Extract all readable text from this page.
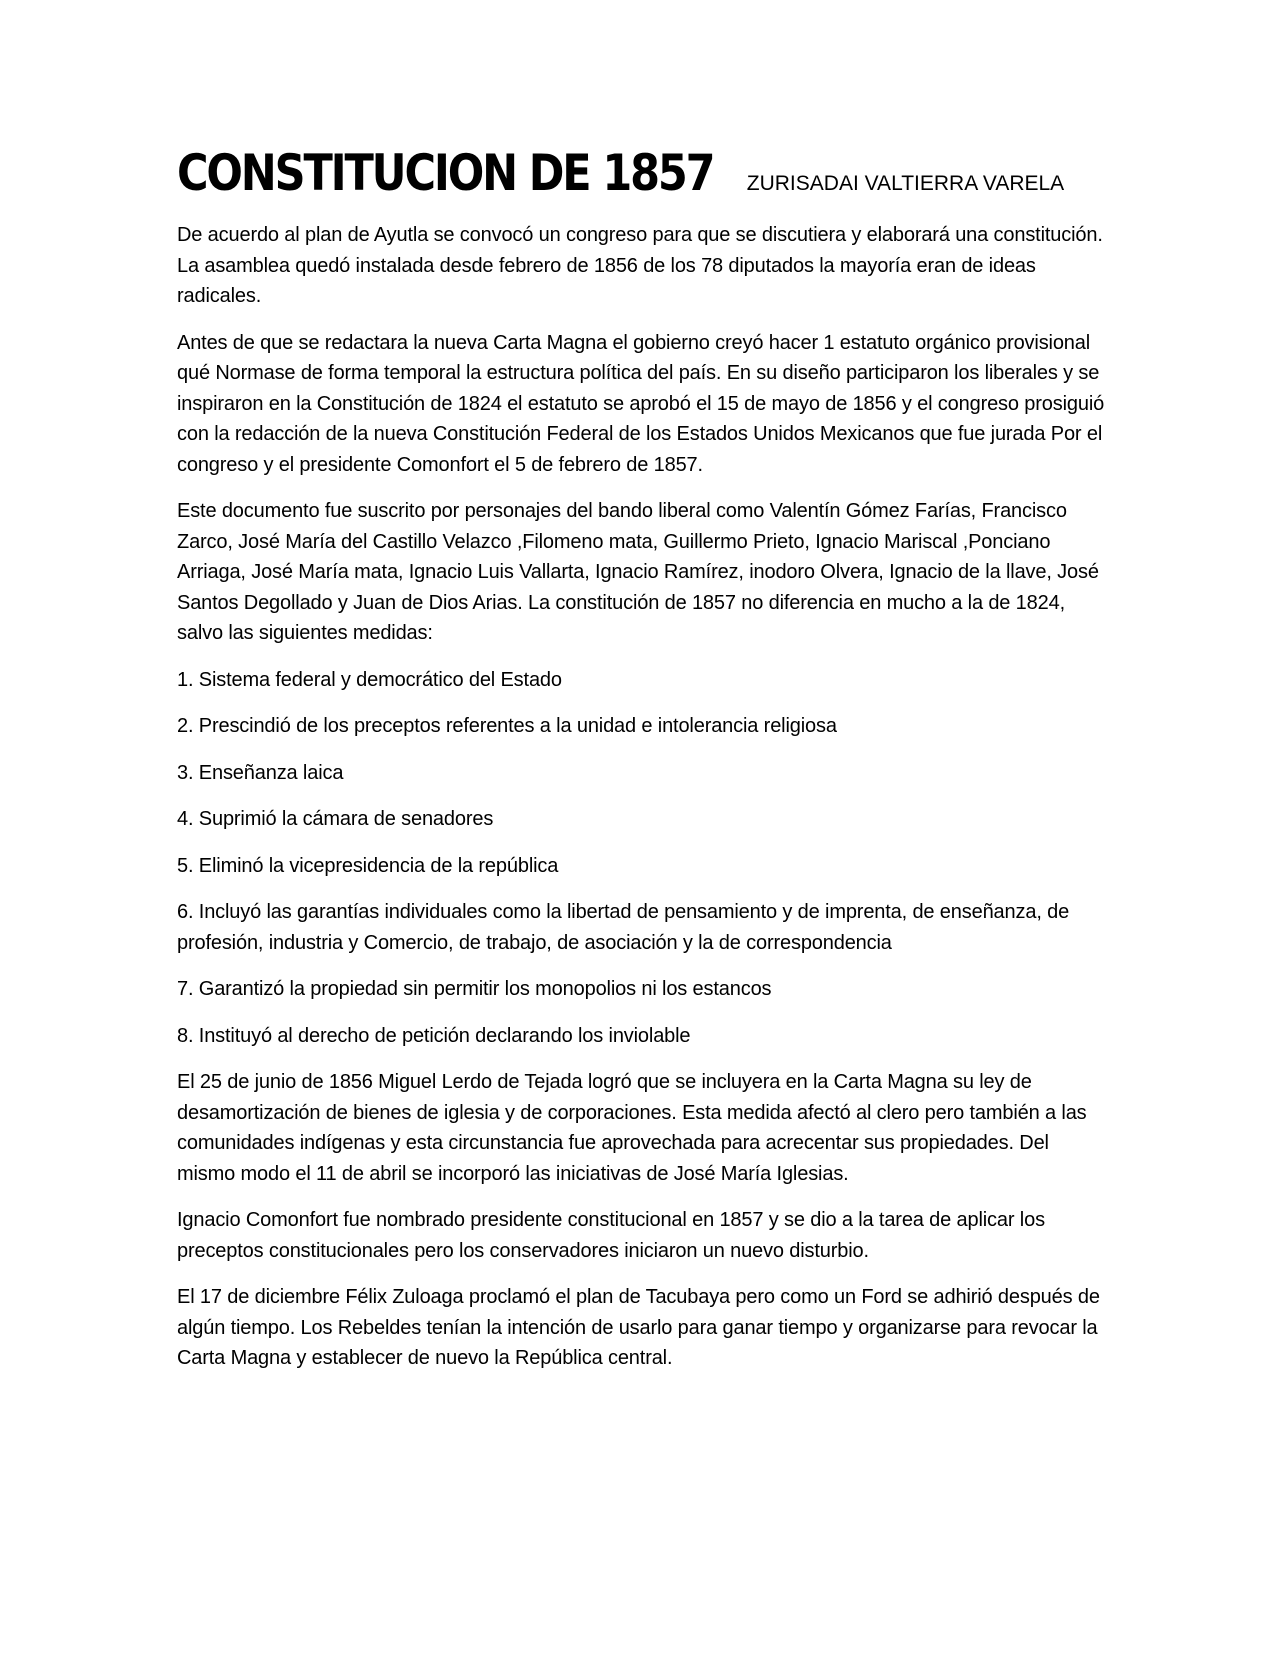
CONSTITUCION DE 1857 ZURISADAI VALTIERRA VARELA

De acuerdo al plan de Ayutla se convocó un congreso para que se discutiera y elaborará una constitución. La asamblea quedó instalada desde febrero de 1856 de los 78 diputados la mayoría eran de ideas radicales.

Antes de que se redactara la nueva Carta Magna el gobierno creyó hacer 1 estatuto orgánico provisional qué Normase de forma temporal la estructura política del país. En su diseño participaron los liberales y se inspiraron en la Constitución de 1824 el estatuto se aprobó el 15 de mayo de 1856 y el congreso prosiguió con la redacción de la nueva Constitución Federal de los Estados Unidos Mexicanos que fue jurada Por el congreso y el presidente Comonfort el 5 de febrero de 1857.

Este documento fue suscrito por personajes del bando liberal como Valentín Gómez Farías, Francisco Zarco, José María del Castillo Velazco ,Filomeno mata, Guillermo Prieto, Ignacio Mariscal ,Ponciano Arriaga, José María mata, Ignacio Luis Vallarta, Ignacio Ramírez, inodoro Olvera, Ignacio de la llave, José Santos Degollado y Juan de Dios Arias. La constitución de 1857 no diferencia en mucho a la de 1824, salvo las siguientes medidas:

1. Sistema federal y democrático del Estado

2. Prescindió de los preceptos referentes a la unidad e intolerancia religiosa

3. Enseñanza laica

4. Suprimió la cámara de senadores

5. Eliminó la vicepresidencia de la república

6. Incluyó las garantías individuales como la libertad de pensamiento y de imprenta, de enseñanza, de profesión, industria y Comercio, de trabajo, de asociación y la de correspondencia

7. Garantizó la propiedad sin permitir los monopolios ni los estancos

8. Instituyó al derecho de petición declarando los inviolable

El 25 de junio de 1856 Miguel Lerdo de Tejada logró que se incluyera en la Carta Magna su ley de desamortización de bienes de iglesia y de corporaciones. Esta medida afectó al clero pero también a las comunidades indígenas y esta circunstancia fue aprovechada para acrecentar sus propiedades. Del mismo modo el 11 de abril se incorporó las iniciativas de José María Iglesias.

Ignacio Comonfort fue nombrado presidente constitucional en 1857 y se dio a la tarea de aplicar los preceptos constitucionales pero los conservadores iniciaron un nuevo disturbio.

El 17 de diciembre Félix Zuloaga proclamó el plan de Tacubaya pero como un Ford se adhirió después de algún tiempo. Los Rebeldes tenían la intención de usarlo para ganar tiempo y organizarse para revocar la Carta Magna y establecer de nuevo la República central.
